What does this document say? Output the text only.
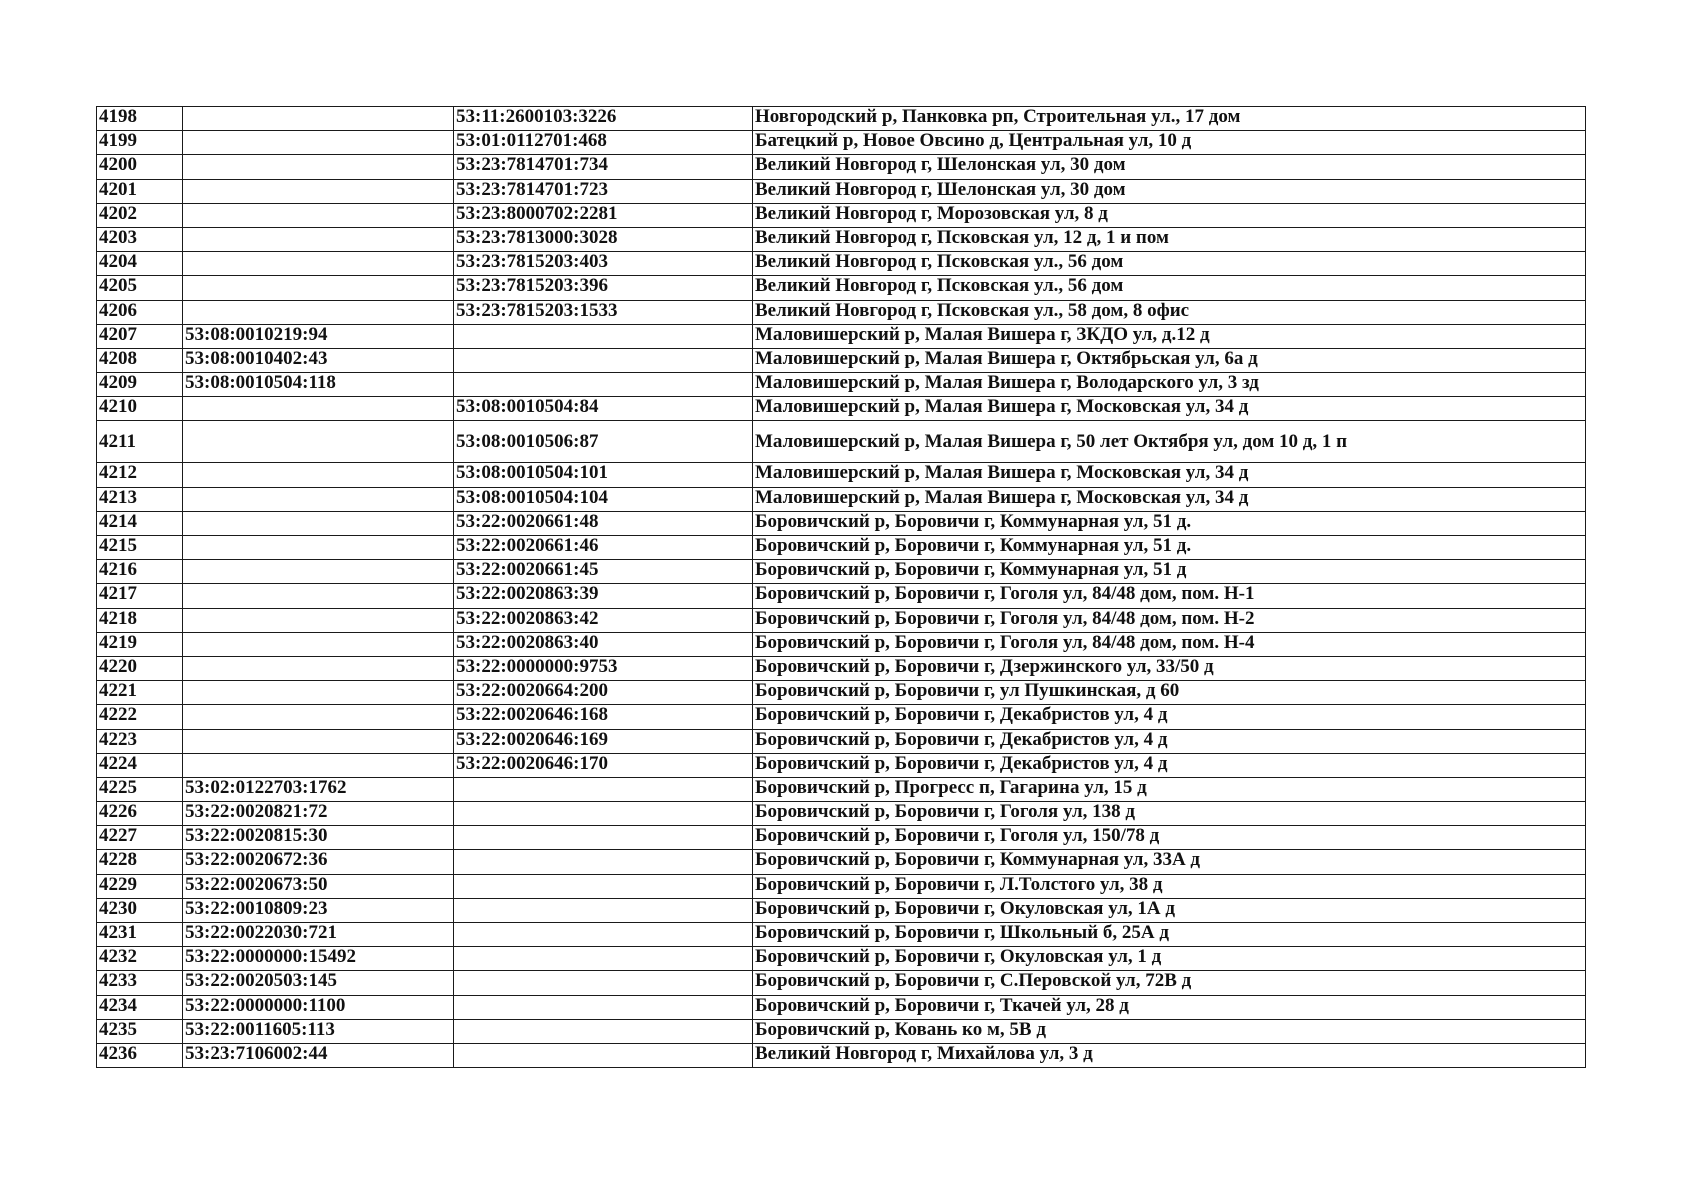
4198		53:11:2600103:3226	Новгородский р, Панковка рп, Строительная ул., 17 дом
4199		53:01:0112701:468	Батецкий р, Новое Овсино д, Центральная ул, 10 д
4200		53:23:7814701:734	Великий Новгород г, Шелонская ул, 30 дом
4201		53:23:7814701:723	Великий Новгород г, Шелонская ул, 30 дом
4202		53:23:8000702:2281	Великий Новгород г, Морозовская ул, 8 д
4203		53:23:7813000:3028	Великий Новгород г, Псковская ул, 12 д, 1 и пом
4204		53:23:7815203:403	Великий Новгород г, Псковская ул., 56 дом
4205		53:23:7815203:396	Великий Новгород г, Псковская ул., 56 дом
4206		53:23:7815203:1533	Великий Новгород г, Псковская ул., 58 дом, 8 офис
4207	53:08:0010219:94		Маловишерский р, Малая Вишера г, ЗКДО ул, д.12 д
4208	53:08:0010402:43		Маловишерский р, Малая Вишера г, Октябрьская ул, 6а д
4209	53:08:0010504:118		Маловишерский р, Малая Вишера г, Володарского ул, 3 зд
4210		53:08:0010504:84	Маловишерский р, Малая Вишера г, Московская ул, 34 д
4211		53:08:0010506:87	Маловишерский р, Малая Вишера г, 50 лет Октября ул, дом 10 д, 1 п
4212		53:08:0010504:101	Маловишерский р, Малая Вишера г, Московская ул, 34 д
4213		53:08:0010504:104	Маловишерский р, Малая Вишера г, Московская ул, 34 д
4214		53:22:0020661:48	Боровичский р, Боровичи г, Коммунарная ул, 51 д.
4215		53:22:0020661:46	Боровичский р, Боровичи г, Коммунарная ул, 51 д.
4216		53:22:0020661:45	Боровичский р, Боровичи г, Коммунарная ул, 51 д
4217		53:22:0020863:39	Боровичский р, Боровичи г, Гоголя ул, 84/48 дом, пом. Н-1
4218		53:22:0020863:42	Боровичский р, Боровичи г, Гоголя ул, 84/48 дом, пом. Н-2
4219		53:22:0020863:40	Боровичский р, Боровичи г, Гоголя ул, 84/48 дом, пом. Н-4
4220		53:22:0000000:9753	Боровичский р, Боровичи г, Дзержинского ул, 33/50 д
4221		53:22:0020664:200	Боровичский р, Боровичи г, ул Пушкинская, д 60
4222		53:22:0020646:168	Боровичский р, Боровичи г, Декабристов ул, 4 д
4223		53:22:0020646:169	Боровичский р, Боровичи г, Декабристов ул, 4 д
4224		53:22:0020646:170	Боровичский р, Боровичи г, Декабристов ул, 4 д
4225	53:02:0122703:1762		Боровичский р, Прогресс п, Гагарина ул, 15 д
4226	53:22:0020821:72		Боровичский р, Боровичи г, Гоголя ул, 138 д
4227	53:22:0020815:30		Боровичский р, Боровичи г, Гоголя ул, 150/78 д
4228	53:22:0020672:36		Боровичский р, Боровичи г, Коммунарная ул, 33А д
4229	53:22:0020673:50		Боровичский р, Боровичи г, Л.Толстого ул, 38 д
4230	53:22:0010809:23		Боровичский р, Боровичи г, Окуловская ул, 1А д
4231	53:22:0022030:721		Боровичский р, Боровичи г, Школьный б, 25А д
4232	53:22:0000000:15492		Боровичский р, Боровичи г, Окуловская ул, 1 д
4233	53:22:0020503:145		Боровичский р, Боровичи г, С.Перовской ул, 72В д
4234	53:22:0000000:1100		Боровичский р, Боровичи г, Ткачей ул, 28 д
4235	53:22:0011605:113		Боровичский р, Ковань ко м, 5В д
4236	53:23:7106002:44		Великий Новгород г, Михайлова ул, 3 д
